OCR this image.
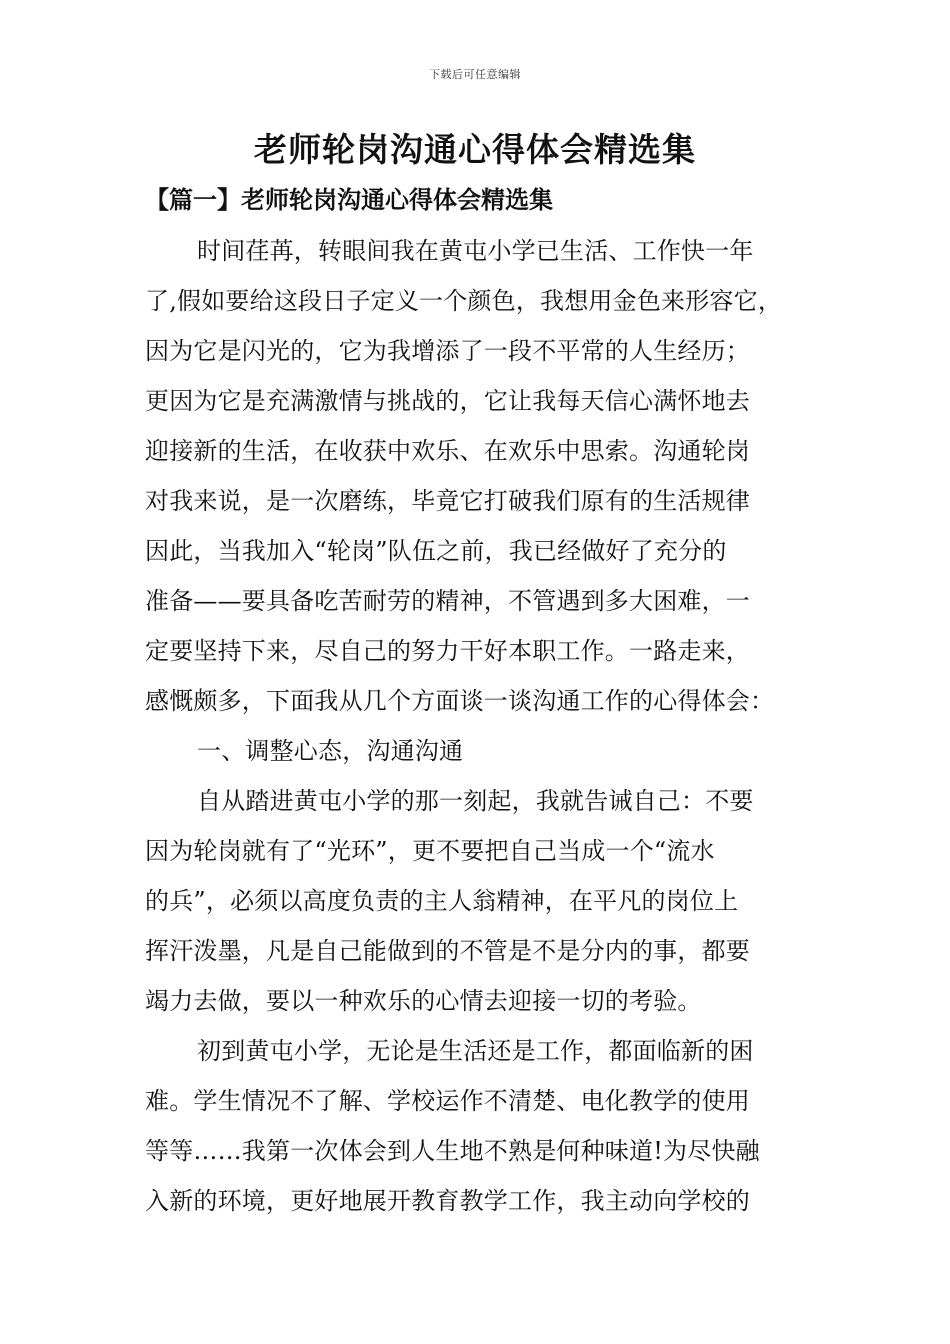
下载后可任意编辑
老师轮岗沟通心得体会精选集
【篇一】老师轮岗沟通心得体会精选集
时间荏苒，转眼间我在黄屯小学已生活、工作快一年
了,假如要给这段日子定义一个颜色，我想用金色来形容它，
因为它是闪光的，它为我增添了一段不平常的人生经历；
更因为它是充满激情与挑战的，它让我每天信心满怀地去
迎接新的生活，在收获中欢乐、在欢乐中思索。沟通轮岗
对我来说，是一次磨练，毕竟它打破我们原有的生活规律
因此，当我加入“轮岗”队伍之前，我已经做好了充分的
准备——要具备吃苦耐劳的精神，不管遇到多大困难，一
定要坚持下来，尽自己的努力干好本职工作。一路走来，
感慨颇多，下面我从几个方面谈一谈沟通工作的心得体会：
一、调整心态，沟通沟通
自从踏进黄屯小学的那一刻起，我就告诫自己：不要
因为轮岗就有了“光环”，更不要把自己当成一个“流水
的兵”，必须以高度负责的主人翁精神，在平凡的岗位上
挥汗泼墨，凡是自己能做到的不管是不是分内的事，都要
竭力去做，要以一种欢乐的心情去迎接一切的考验。
初到黄屯小学，无论是生活还是工作，都面临新的困
难。学生情况不了解、学校运作不清楚、电化教学的使用
等等……我第一次体会到人生地不熟是何种味道!为尽快融
入新的环境，更好地展开教育教学工作，我主动向学校的
